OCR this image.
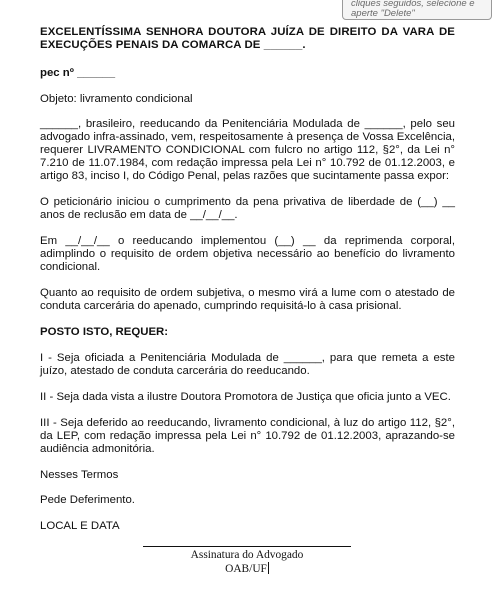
cliques seguidos, selecione e
aperte "Delete"

EXCELENTÍSSIMA SENHORA DOUTORA JUÍZA DE DIREITO DA VARA DE EXECUÇÕES PENAIS DA COMARCA DE ______.

pec nº ______

Objeto: livramento condicional

______, brasileiro, reeducando da Penitenciária Modulada de ______, pelo seu advogado infra-assinado, vem, respeitosamente à presença de Vossa Excelência, requerer LIVRAMENTO CONDICIONAL com fulcro no artigo 112, §2°, da Lei n° 7.210 de 11.07.1984, com redação impressa pela Lei n° 10.792 de 01.12.2003, e artigo 83, inciso I, do Código Penal, pelas razões que sucintamente passa expor:

O peticionário iniciou o cumprimento da pena privativa de liberdade de (__) __ anos de reclusão em data de __/__/__.

Em __/__/__ o reeducando implementou (__) __ da reprimenda corporal, adimplindo o requisito de ordem objetiva necessário ao benefício do livramento condicional.

Quanto ao requisito de ordem subjetiva, o mesmo virá a lume com o atestado de conduta carcerária do apenado, cumprindo requisitá-lo à casa prisional.

POSTO ISTO, REQUER:

I - Seja oficiada a Penitenciária Modulada de ______, para que remeta a este juízo, atestado de conduta carcerária do reeducando.

II - Seja dada vista a ilustre Doutora Promotora de Justiça que oficia junto a VEC.

III - Seja deferido ao reeducando, livramento condicional, à luz do artigo 112, §2°, da LEP, com redação impressa pela Lei n° 10.792 de 01.12.2003, aprazando-se audiência admonitória.

Nesses Termos

Pede Deferimento.

LOCAL E DATA

Assinatura do Advogado
OAB/UF
